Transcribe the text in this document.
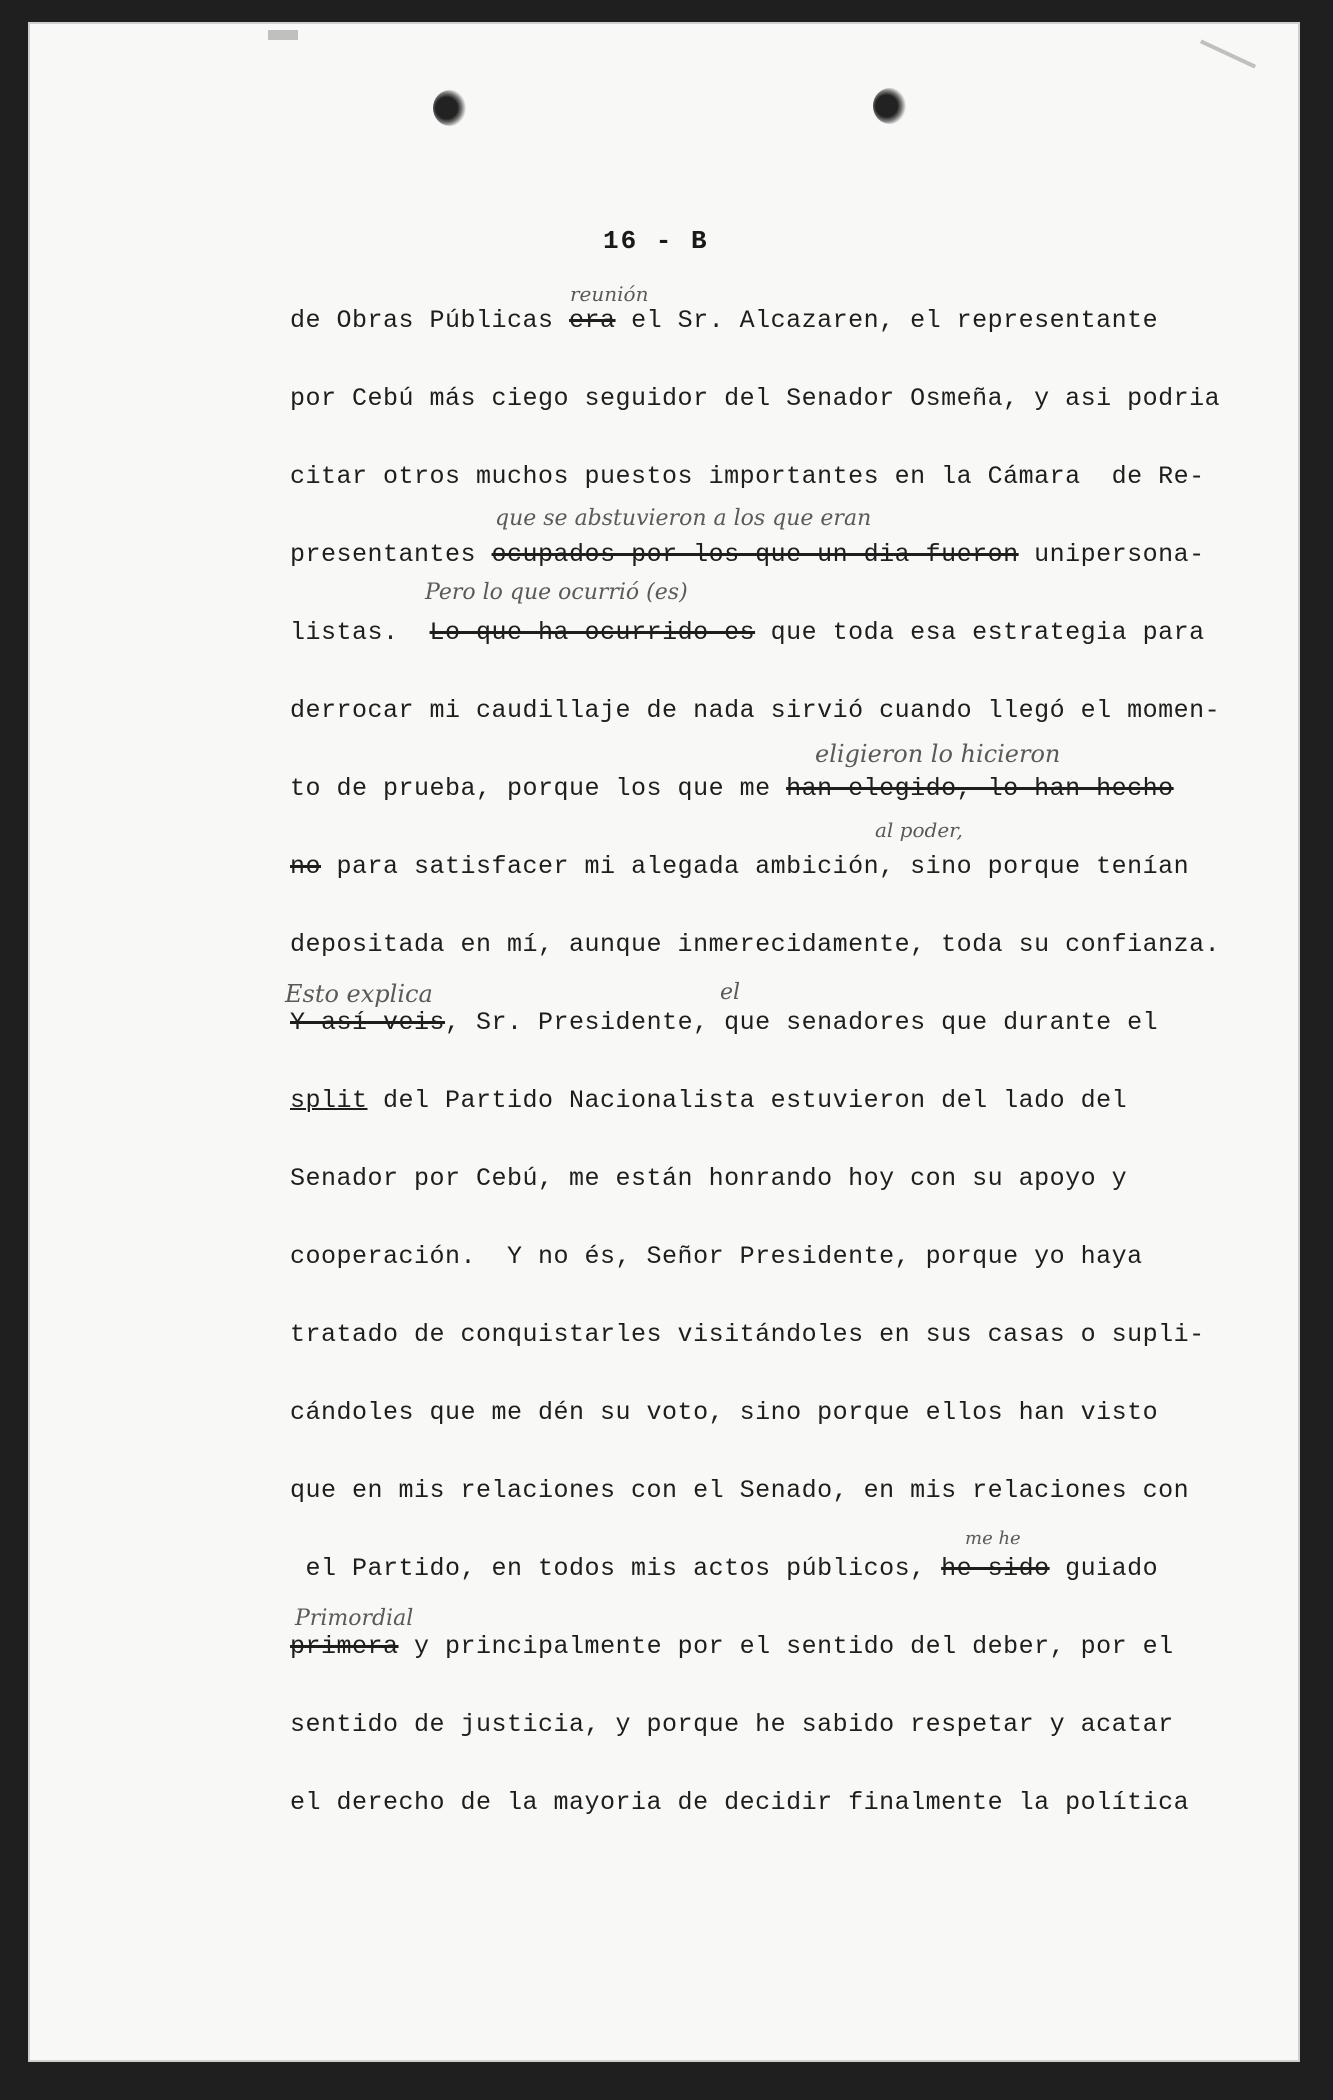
16 - B
de Obras Públicas era el Sr. Alcazaren, el representante
por Cebú más ciego seguidor del Senador Osmeña, y asi podria
citar otros muchos puestos importantes en la Cámara  de Re-
presentantes ocupados por los que un dia fueron unipersona-
listas.  Lo que ha ocurrido es que toda esa estrategia para
derrocar mi caudillaje de nada sirvió cuando llegó el momen-
to de prueba, porque los que me han elegido, lo han hecho
no para satisfacer mi alegada ambición, sino porque tenían
depositada en mí, aunque inmerecidamente, toda su confianza.
Y así veis, Sr. Presidente, que senadores que durante el
split del Partido Nacionalista estuvieron del lado del
Senador por Cebú, me están honrando hoy con su apoyo y
cooperación.  Y no és, Señor Presidente, porque yo haya
tratado de conquistarles visitándoles en sus casas o supli-
cándoles que me dén su voto, sino porque ellos han visto
que en mis relaciones con el Senado, en mis relaciones con
el Partido, en todos mis actos públicos, he sido guiado
primera y principalmente por el sentido del deber, por el
sentido de justicia, y porque he sabido respetar y acatar
el derecho de la mayoria de decidir finalmente la política
reunión
que se abstuvieron a los que eran
Pero lo que ocurrió (es)
eligieron lo hicieron
al poder,
Esto explica	el
me he
Primordial
